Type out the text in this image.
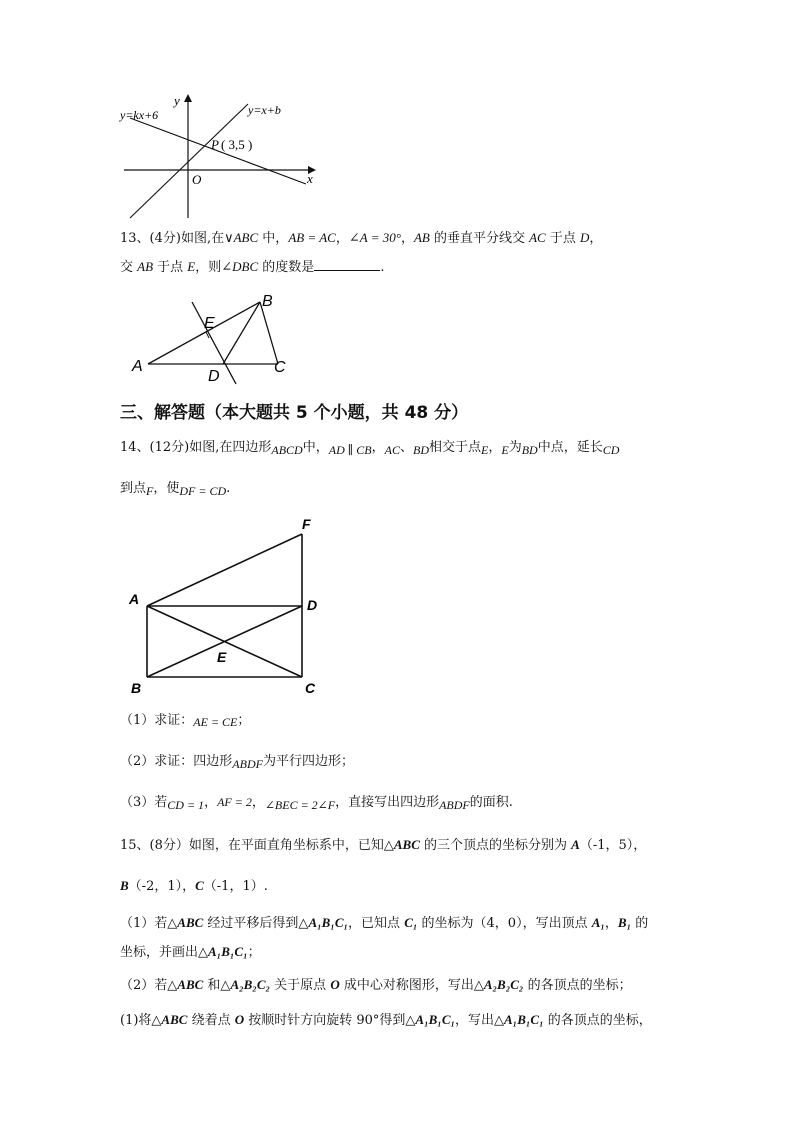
y
x
O
y=kx+6	y=x+b
P ( 3,5 )
13、(4分)如图,在∨ABC 中，AB = AC，∠A = 30°，AB 的垂直平分线交 AC 于点 D，
交 AB 于点 E，则∠DBC 的度数是	.
A
B
C
D
E
三、解答题（本大题共 5 个小题，共 48 分）
14、(12分)如图,在四边形ABCD中，AD ∥ CB，AC、BD相交于点E，E为BD中点，延长CD
到点F，使DF = CD.
A
B	C
D
E
F
（1）求证：AE = CE；
（2）求证：四边形ABDF为平行四边形；
（3）若CD = 1，AF = 2，∠BEC = 2∠F，直接写出四边形ABDF的面积.
15、(8分）如图，在平面直角坐标系中，已知△ABC 的三个顶点的坐标分别为 A（-1，5），
B（-2，1），C（-1，1）.
（1）若△ABC 经过平移后得到△A₁B₁C₁，已知点 C₁ 的坐标为（4，0），写出顶点 A₁，B₁ 的
坐标，并画出△A₁B₁C₁；
（2）若△ABC 和△A₂B₂C₂ 关于原点 O 成中心对称图形，写出△A₂B₂C₂ 的各顶点的坐标；
(1)将△ABC 绕着点 O 按顺时针方向旋转 90°得到△A₁B₁C₁，写出△A₁B₁C₁ 的各顶点的坐标，
